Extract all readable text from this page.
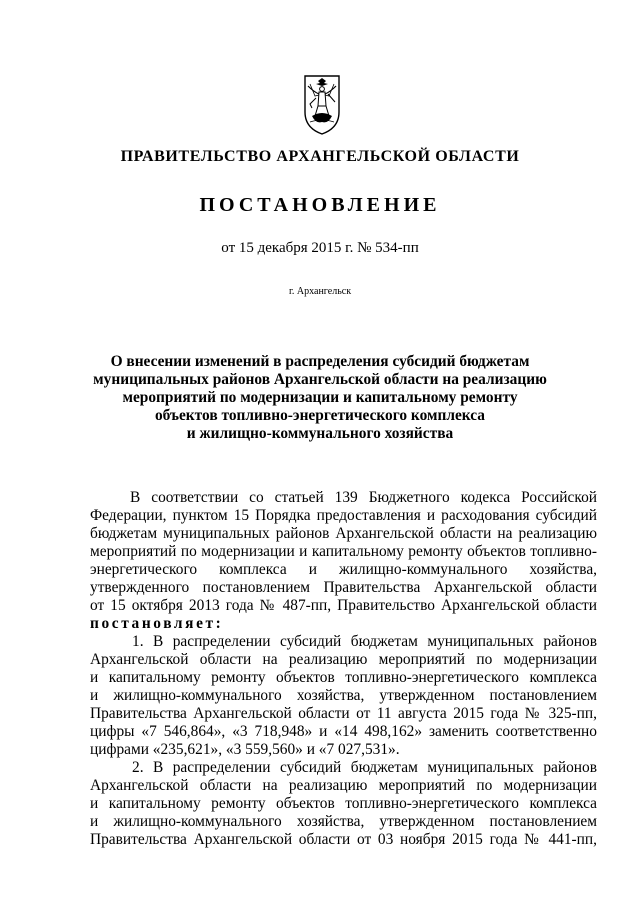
ПРАВИТЕЛЬСТВО АРХАНГЕЛЬСКОЙ ОБЛАСТИ
ПОСТАНОВЛЕНИЕ
от 15 декабря 2015 г. № 534-пп
г. Архангельск
О внесении изменений в распределения субсидий бюджетам
муниципальных районов Архангельской области на реализацию
мероприятий по модернизации и капитальному ремонту
объектов топливно-энергетического комплекса
и жилищно-коммунального хозяйства
В соответствии со статьей 139 Бюджетного кодекса Российской
Федерации, пунктом 15 Порядка предоставления и расходования субсидий
бюджетам муниципальных районов Архангельской области на реализацию
мероприятий по модернизации и капитальному ремонту объектов топливно-
энергетического комплекса и жилищно-коммунального хозяйства,
утвержденного постановлением Правительства Архангельской области
от 15 октября 2013 года № 487-пп, Правительство Архангельской области
постановляет:
1. В распределении субсидий бюджетам муниципальных районов
Архангельской области на реализацию мероприятий по модернизации
и капитальному ремонту объектов топливно-энергетического комплекса
и жилищно-коммунального хозяйства, утвержденном постановлением
Правительства Архангельской области от 11 августа 2015 года № 325-пп,
цифры «7 546,864», «3 718,948» и «14 498,162» заменить соответственно
цифрами «235,621», «3 559,560» и «7 027,531».
2. В распределении субсидий бюджетам муниципальных районов
Архангельской области на реализацию мероприятий по модернизации
и капитальному ремонту объектов топливно-энергетического комплекса
и жилищно-коммунального хозяйства, утвержденном постановлением
Правительства Архангельской области от 03 ноября 2015 года № 441-пп,
